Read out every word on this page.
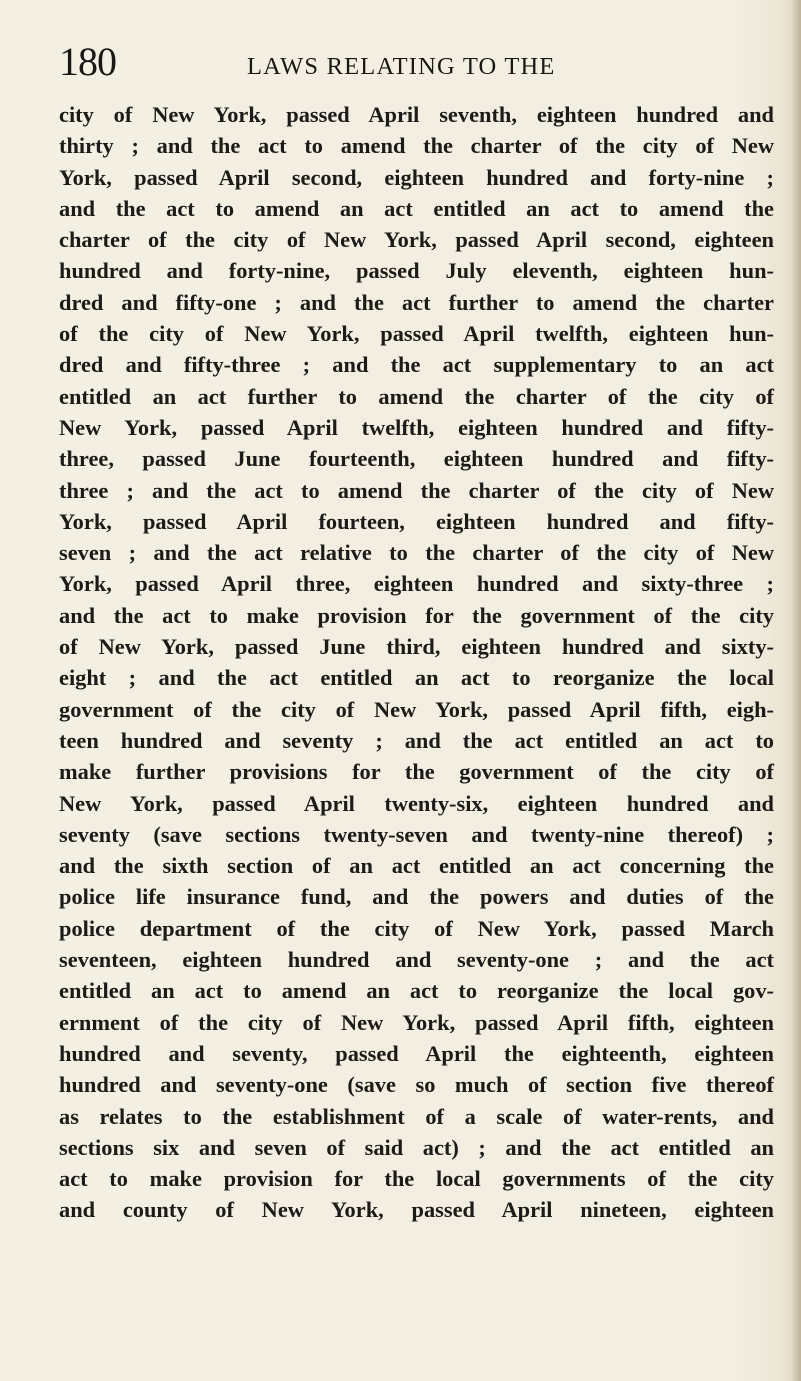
180	LAWS RELATING TO THE
city of New York, passed April seventh, eighteen hundred and
thirty ; and the act to amend the charter of the city of New
York, passed April second, eighteen hundred and forty-nine ;
and the act to amend an act entitled an act to amend the
charter of the city of New York, passed April second, eighteen
hundred and forty-nine, passed July eleventh, eighteen hun-
dred and fifty-one ; and the act further to amend the charter
of the city of New York, passed April twelfth, eighteen hun-
dred and fifty-three ; and the act supplementary to an act
entitled an act further to amend the charter of the city of
New York, passed April twelfth, eighteen hundred and fifty-
three, passed June fourteenth, eighteen hundred and fifty-
three ; and the act to amend the charter of the city of New
York, passed April fourteen, eighteen hundred and fifty-
seven ; and the act relative to the charter of the city of New
York, passed April three, eighteen hundred and sixty-three ;
and the act to make provision for the government of the city
of New York, passed June third, eighteen hundred and sixty-
eight ; and the act entitled an act to reorganize the local
government of the city of New York, passed April fifth, eigh-
teen hundred and seventy ; and the act entitled an act to
make further provisions for the government of the city of
New York, passed April twenty-six, eighteen hundred and
seventy (save sections twenty-seven and twenty-nine thereof) ;
and the sixth section of an act entitled an act concerning the
police life insurance fund, and the powers and duties of the
police department of the city of New York, passed March
seventeen, eighteen hundred and seventy-one ; and the act
entitled an act to amend an act to reorganize the local gov-
ernment of the city of New York, passed April fifth, eighteen
hundred and seventy, passed April the eighteenth, eighteen
hundred and seventy-one (save so much of section five thereof
as relates to the establishment of a scale of water-rents, and
sections six and seven of said act) ; and the act entitled an
act to make provision for the local governments of the city
and county of New York, passed April nineteen, eighteen
